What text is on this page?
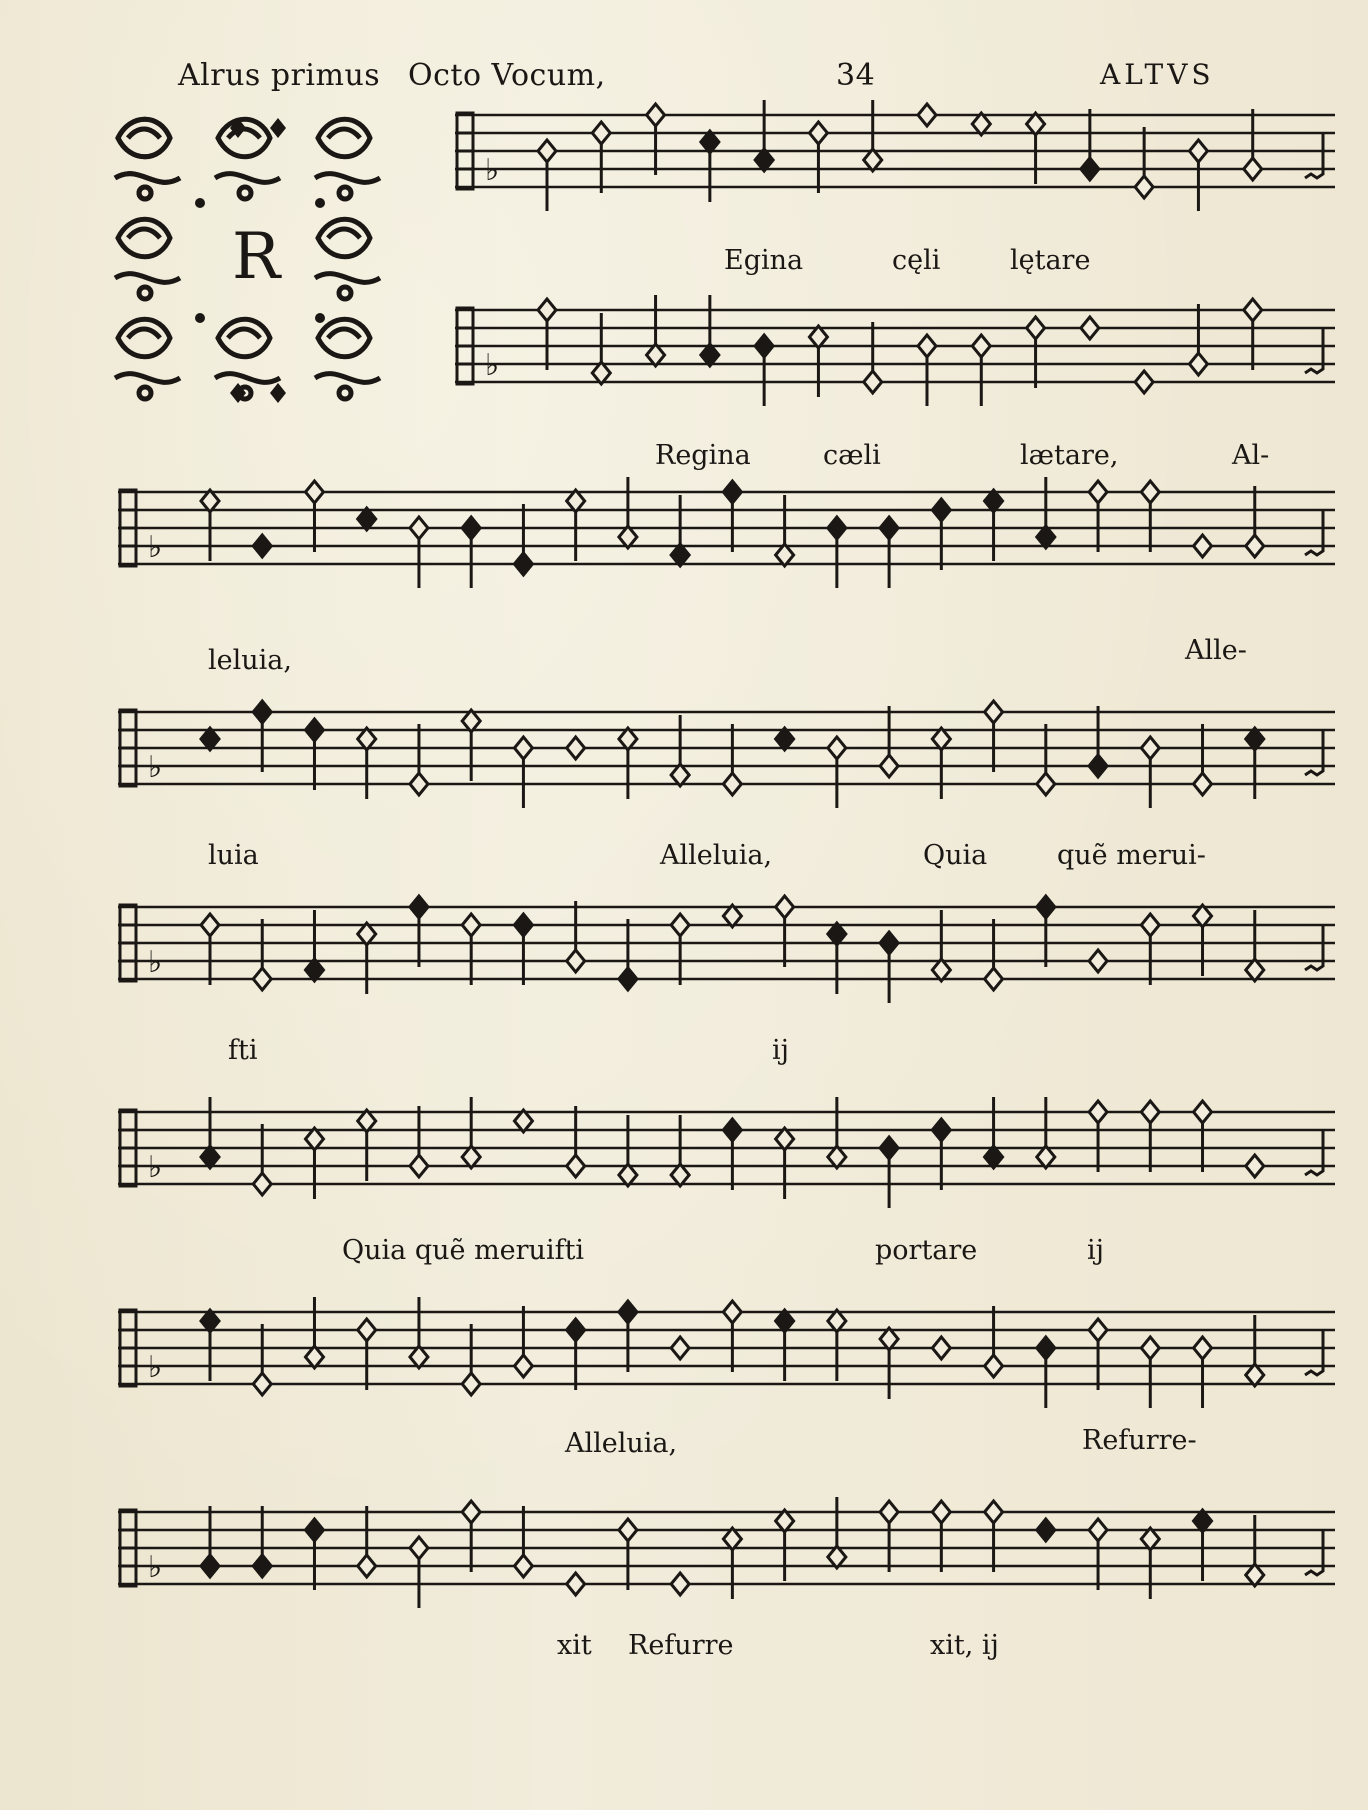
Alrus primus Octo Vocum,	34	ALTVS
R
♭
♭
♭
♭
♭
♭
♭
♭
Egina	cęli	lętare
Regina	cæli	lætare,	Al-
leluia,	Alle-
luia	Alleluia,	Quia	quẽ merui-
fti	ij
Quia quẽ meruifti	portare	ij
Alleluia,	Refurre-
xit Refurre	xit, ij
